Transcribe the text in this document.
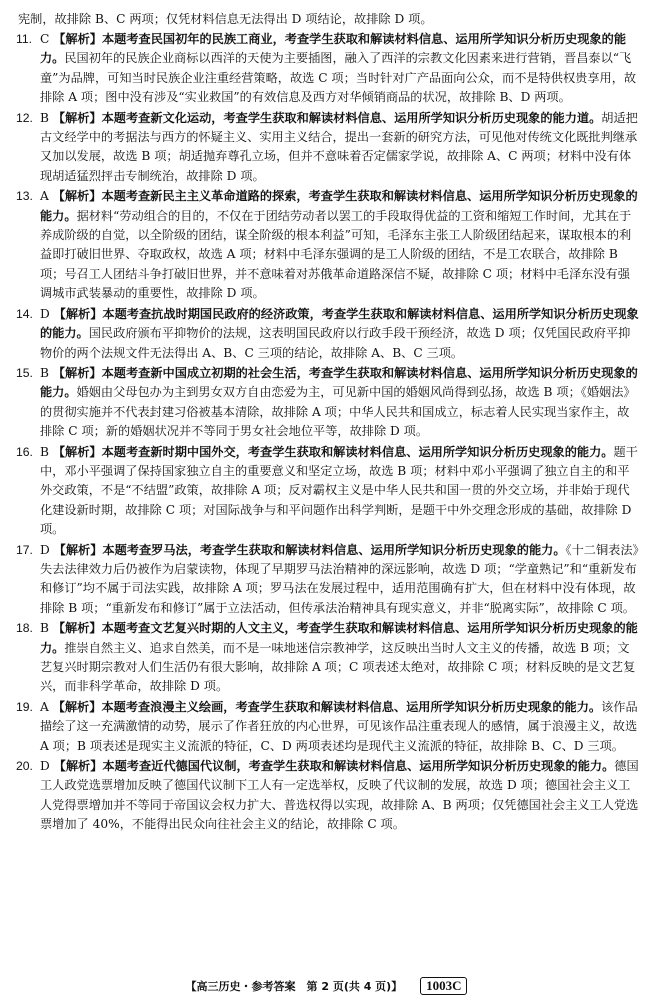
宪制，故排除 B、C 两项；仅凭材料信息无法得出 D 项结论，故排除 D 项。
11. C 【解析】本题考查民国初年的民族工商业，考查学生获取和解读材料信息、运用所学知识分析历史现象的能力。民国初年的民族企业商标以西洋的天使为主要插图，融入了西洋的宗教文化因素来进行营销，晋昌泰以“飞童”为品牌，可知当时民族企业注重经营策略，故选 C 项；当时针对广产品面向公众，而不是特供权贵享用，故排除 A 项；图中没有涉及“实业救国”的有效信息及西方对华倾销商品的状况，故排除 B、D 两项。
12. B 【解析】本题考查新文化运动，考查学生获取和解读材料信息、运用所学知识分析历史现象的能力道。胡适把古文经学中的考据法与西方的怀疑主义、实用主义结合，提出一套新的研究方法，可见他对传统文化既批判继承又加以发展，故选 B 项；胡适抛弃尊孔立场，但并不意味着否定儒家学说，故排除 A、C 两项；材料中没有体现胡适猛烈抨击专制统治，故排除 D 项。
13. A 【解析】本题考查新民主主义革命道路的探索，考查学生获取和解读材料信息、运用所学知识分析历史现象的能力。据材料“劳动组合的目的，不仅在于团结劳动者以罢工的手段取得优益的工资和缩短工作时间，尤其在于养成阶级的自觉，以全阶级的团结，谋全阶级的根本利益”可知，毛泽东主张工人阶级团结起来，谋取根本的利益即打破旧世界、夺取政权，故选 A 项；材料中毛泽东强调的是工人阶级的团结，不是工农联合，故排除 B 项；号召工人团结斗争打破旧世界，并不意味着对苏俄革命道路深信不疑，故排除 C 项；材料中毛泽东没有强调城市武装暴动的重要性，故排除 D 项。
14. D 【解析】本题考查抗战时期国民政府的经济政策，考查学生获取和解读材料信息、运用所学知识分析历史现象的能力。国民政府颁布平抑物价的法规，这表明国民政府以行政手段干预经济，故选 D 项；仅凭国民政府平抑物价的两个法规文件无法得出 A、B、C 三项的结论，故排除 A、B、C 三项。
15. B 【解析】本题考查新中国成立初期的社会生活，考查学生获取和解读材料信息、运用所学知识分析历史现象的能力。婚姻由父母包办为主到男女双方自由恋爱为主，可见新中国的婚姻风尚得到弘扬，故选 B 项；《婚姻法》的贯彻实施并不代表封建习俗被基本清除，故排除 A 项；中华人民共和国成立，标志着人民实现当家作主，故排除 C 项；新的婚姻状况并不等同于男女社会地位平等，故排除 D 项。
16. B 【解析】本题考查新时期中国外交，考查学生获取和解读材料信息、运用所学知识分析历史现象的能力。题干中，邓小平强调了保持国家独立自主的重要意义和坚定立场，故选 B 项；材料中邓小平强调了独立自主的和平外交政策，不是“不结盟”政策，故排除 A 项；反对霸权主义是中华人民共和国一贯的外交立场，并非始于现代化建设新时期，故排除 C 项；对国际战争与和平问题作出科学判断，是题干中外交理念形成的基础，故排除 D 项。
17. D 【解析】本题考查罗马法，考查学生获取和解读材料信息、运用所学知识分析历史现象的能力。《十二铜表法》失去法律效力后仍被作为启蒙读物，体现了早期罗马法治精神的深远影响，故选 D 项；“学童熟记”和“重新发布和修订”均不属于司法实践，故排除 A 项；罗马法在发展过程中，适用范围确有扩大，但在材料中没有体现，故排除 B 项；“重新发布和修订”属于立法活动，但传承法治精神具有现实意义，并非“脱离实际”，故排除 C 项。
18. B 【解析】本题考查文艺复兴时期的人文主义，考查学生获取和解读材料信息、运用所学知识分析历史现象的能力。推崇自然主义、追求自然美，而不是一味地迷信宗教神学，这反映出当时人文主义的传播，故选 B 项；文艺复兴时期宗教对人们生活仍有很大影响，故排除 A 项；C 项表述太绝对，故排除 C 项；材料反映的是文艺复兴，而非科学革命，故排除 D 项。
19. A 【解析】本题考查浪漫主义绘画，考查学生获取和解读材料信息、运用所学知识分析历史现象的能力。该作品描绘了这一充满激情的动势，展示了作者狂放的内心世界，可见该作品注重表现人的感情，属于浪漫主义，故选 A 项；B 项表述是现实主义流派的特征，C、D 两项表述均是现代主义流派的特征，故排除 B、C、D 三项。
20. D 【解析】本题考查近代德国代议制，考查学生获取和解读材料信息、运用所学知识分析历史现象的能力。德国工人政党选票增加反映了德国代议制下工人有一定选举权，反映了代议制的发展，故选 D 项；德国社会主义工人党得票增加并不等同于帝国议会权力扩大、普选权得以实现，故排除 A、B 两项；仅凭德国社会主义工人党选票增加了 40%，不能得出民众向往社会主义的结论，故排除 C 项。
【高三历史・参考答案　第 2 页(共 4 页)】 1003C
